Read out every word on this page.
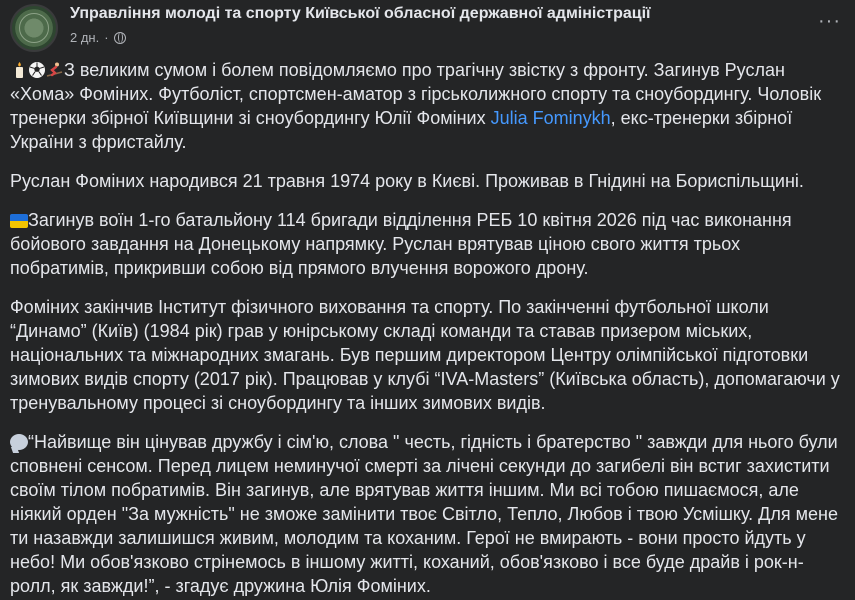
Управління молоді та спорту Київської обласної державної адміністрації
2 дн. ·
···

З великим сумом і болем повідомляємо про трагічну звістку з фронту. Загинув Руслан «Хома» Фоміних. Футболіст, спортсмен-аматор з гірськолижного спорту та сноубордингу. Чоловік тренерки збірної Київщини зі сноубордингу Юлії Фоміних Julia Fominykh, екс-тренерки збірної України з фристайлу.

Руслан Фоміних народився 21 травня 1974 року в Києві. Проживав в Гнідині на Бориспільщині.

Загинув воїн 1-го батальйону 114 бригади відділення РЕБ 10 квітня 2026 під час виконання бойового завдання на Донецькому напрямку. Руслан врятував ціною свого життя трьох побратимів, прикривши собою від прямого влучення ворожого дрону.

Фоміних закінчив Інститут фізичного виховання та спорту. По закінченні футбольної школи “Динамо” (Київ) (1984 рік) грав у юнірському складі команди та ставав призером міських, національних та міжнародних змагань. Був першим директором Центру олімпійської підготовки зимових видів спорту (2017 рік). Працював у клубі “IVA-Masters” (Київська область), допомагаючи у тренувальному процесі зі сноубордингу та інших зимових видів.

“Найвище він цінував дружбу і сім'ю, слова " честь, гідність і братерство " завжди для нього були сповнені сенсом. Перед лицем неминучої смерті за лічені секунди до загибелі він встиг захистити своїм тілом побратимів. Він загинув, але врятував життя іншим. Ми всі тобою пишаємося, але ніякий орден "За мужність" не зможе замінити твоє Світло, Тепло, Любов і твою Усмішку. Для мене ти назавжди залишишся живим, молодим та коханим. Герої не вмирають - вони просто йдуть у небо! Ми обов'язково стрінемось в іншому житті, коханий, обов'язково і все буде драйв і рок-н-ролл, як завжди!”, - згадує дружина Юлія Фоміних.
